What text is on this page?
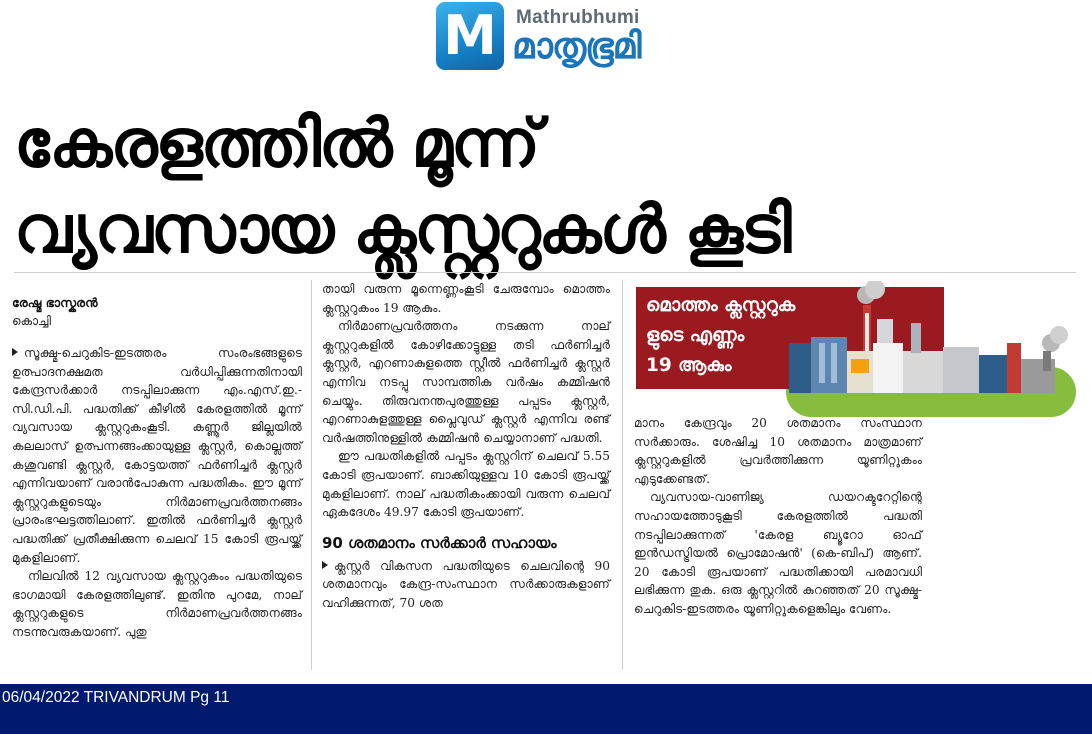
M	Mathrubhumi
മാതൃഭൂമി
കേരളത്തിൽ മൂന്ന്
വ്യവസായ ക്ലസ്റ്ററുകൾ കൂടി

രേഷ്മ ഭാസ്കരൻ

കൊച്ചി

സൂക്ഷ്മ-ചെറുകിട-ഇടത്തരം സംരംഭങ്ങളുടെ ഉത്പാദനക്ഷമത വർധിപ്പിക്കുന്നതിനായി കേന്ദ്രസർക്കാർ നടപ്പിലാക്കുന്ന എം.എസ്.ഇ.-സി.ഡി.പി. പദ്ധതിക്ക് കീഴിൽ കേരളത്തിൽ മൂന്ന് വ്യവസായ ക്ലസ്റ്ററുകംകൂടി. കണ്ണൂർ ജില്ലയിൽ കലലാസ് ഉത്പന്നങ്ങംക്കായുള്ള ക്ലസ്റ്റർ, കൊല്ലത്ത് കശുവണ്ടി ക്ലസ്റ്റർ, കോട്ടയത്ത് ഫർണിച്ചർ ക്ലസ്റ്റർ എന്നിവയാണ് വരാൻപോകുന്ന പദ്ധതികം. ഈ മൂന്ന് ക്ലസ്റ്ററുകളുടെയും നിർമാണപ്രവർത്തനങ്ങം പ്രാരംഭഘട്ടത്തിലാണ്. ഇതിൽ ഫർണിച്ചർ ക്ലസ്റ്റർ പദ്ധതിക്ക് പ്രതീക്ഷിക്കുന്ന ചെലവ് 15 കോടി രൂപയ്ക്ക് മുകളിലാണ്.

നിലവിൽ 12 വ്യവസായ ക്ലസ്റ്ററുകംം പദ്ധതിയുടെ ഭാഗമായി കേരളത്തിലുണ്ട്. ഇതിനു പുറമേ, നാല് ക്ലസ്റ്ററുകളുടെ നിർമാണപ്രവർത്തനങ്ങം നടന്നുവരുകയാണ്. പുതു

തായി വരുന്ന മൂന്നെണ്ണംകൂടി ചേരുമ്പോം മൊത്തം ക്ലസ്റ്ററുകംം 19 ആകും.

നിർമാണപ്രവർത്തനം നടക്കുന്ന നാല് ക്ലസ്റ്ററുകളിൽ കോഴിക്കോട്ടുള്ള തടി ഫർണിച്ചർ ക്ലസ്റ്റർ, എറണാകുളത്തെ സ്റ്റീൽ ഫർണിച്ചർ ക്ലസ്റ്റർ എന്നിവ നടപ്പു സാമ്പത്തിക വർഷം കമ്മിഷൻ ചെയ്യും. തിരുവനന്തപുരത്തുള്ള പപ്പടം ക്ലസ്റ്റർ, എറണാകുളത്തുള്ള പ്ലൈവുഡ് ക്ലസ്റ്റർ എന്നിവ രണ്ട് വർഷത്തിനുള്ളിൽ കമ്മിഷൻ ചെയ്യാനാണ് പദ്ധതി.

ഈ പദ്ധതികളിൽ പപ്പടം ക്ലസ്റ്ററിന് ചെലവ് 5.55 കോടി രൂപയാണ്. ബാക്കിയുള്ളവ 10 കോടി രൂപയ്ക്ക് മുകളിലാണ്. നാല് പദ്ധതികംക്കായി വരുന്ന ചെലവ് ഏകദേശം 49.97 കോടി രൂപയാണ്.

90 ശതമാനം സർക്കാർ സഹായം

ക്ലസ്റ്റർ വികസന പദ്ധതിയുടെ ചെലവിന്റെ 90 ശതമാനവും കേന്ദ്ര-സംസ്ഥാന സർക്കാരുകളാണ് വഹിക്കുന്നത്, 70 ശത

മൊത്തം ക്ലസ്റ്ററുക
ളുടെ എണ്ണം
19 ആകും

മാനം കേന്ദ്രവും 20 ശതമാനം സംസ്ഥാന സർക്കാരും. ശേഷിച്ച 10 ശതമാനം മാത്രമാണ് ക്ലസ്റ്ററുകളിൽ പ്രവർത്തിക്കുന്ന യൂണിറ്റുകംം എടുക്കേണ്ടത്.

വ്യവസായ-വാണിജ്യ ഡയറക്ടറേറ്റിന്റെ സഹായത്തോടുകൂടി കേരളത്തിൽ പദ്ധതി നടപ്പിലാക്കുന്നത് 'കേരള ബ്യൂറോ ഓഫ് ഇൻഡസ്ട്രിയൽ പ്രൊമോഷൻ' (കെ-ബിപ്) ആണ്. 20 കോടി രൂപയാണ് പദ്ധതിക്കായി പരമാവധി ലഭിക്കുന്ന തുക. ഒരു ക്ലസ്റ്ററിൽ കുറഞ്ഞത് 20 സൂക്ഷ്മ-ചെറുകിട-ഇടത്തരം യൂണിറ്റുകളെങ്കിലും വേണം.

06/04/2022 TRIVANDRUM Pg 11
